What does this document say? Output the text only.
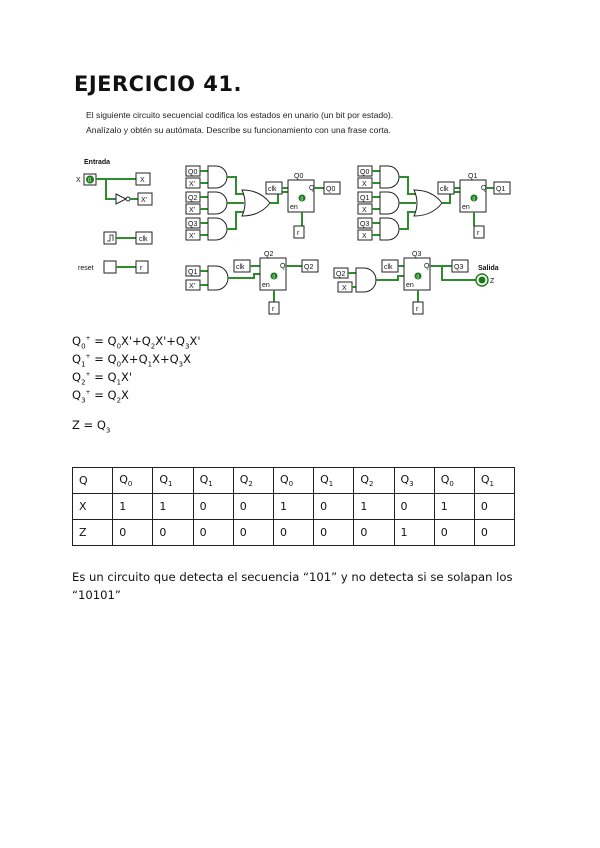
EJERCICIO 41.
El siguiente circuito secuencial codifica los estados en unario (un bit por estado).
Analízalo y obtén su autómata. Describe su funcionamiento con una frase corta.
Entrada
X 0	X
X'
clk
reset	r
Q0
X'
Q2
X'
Q3
X'
clk
Q0
Q
0
en
Q0
r
Q0
X
Q1
X
Q3
X
clk
Q1
Q
0
en
Q1
r
Q1
X'
clk
Q2
Q
0
en
Q2
r
Q2
X
clk
Q3
Q
0
en
Q3 Salida
Z
r
$Q_0^+ = Q_0X'+Q_2X'+Q_3X'$
$Q_1^+ = Q_0X+Q_1X+Q_3X$
$Q_2^+ = Q_1X'$
$Q_3^+ = Q_2X$
$Z = Q_3$
Q	$Q_0$	$Q_1$	$Q_1$	$Q_2$	$Q_0$	$Q_1$	$Q_2$	$Q_3$	$Q_0$	$Q_1$
X	1	1	0	0	1	0	1	0	1	0
Z	0	0	0	0	0	0	0	1	0	0
Es un circuito que detecta el secuencia “101” y no detecta si se solapan los “10101”
